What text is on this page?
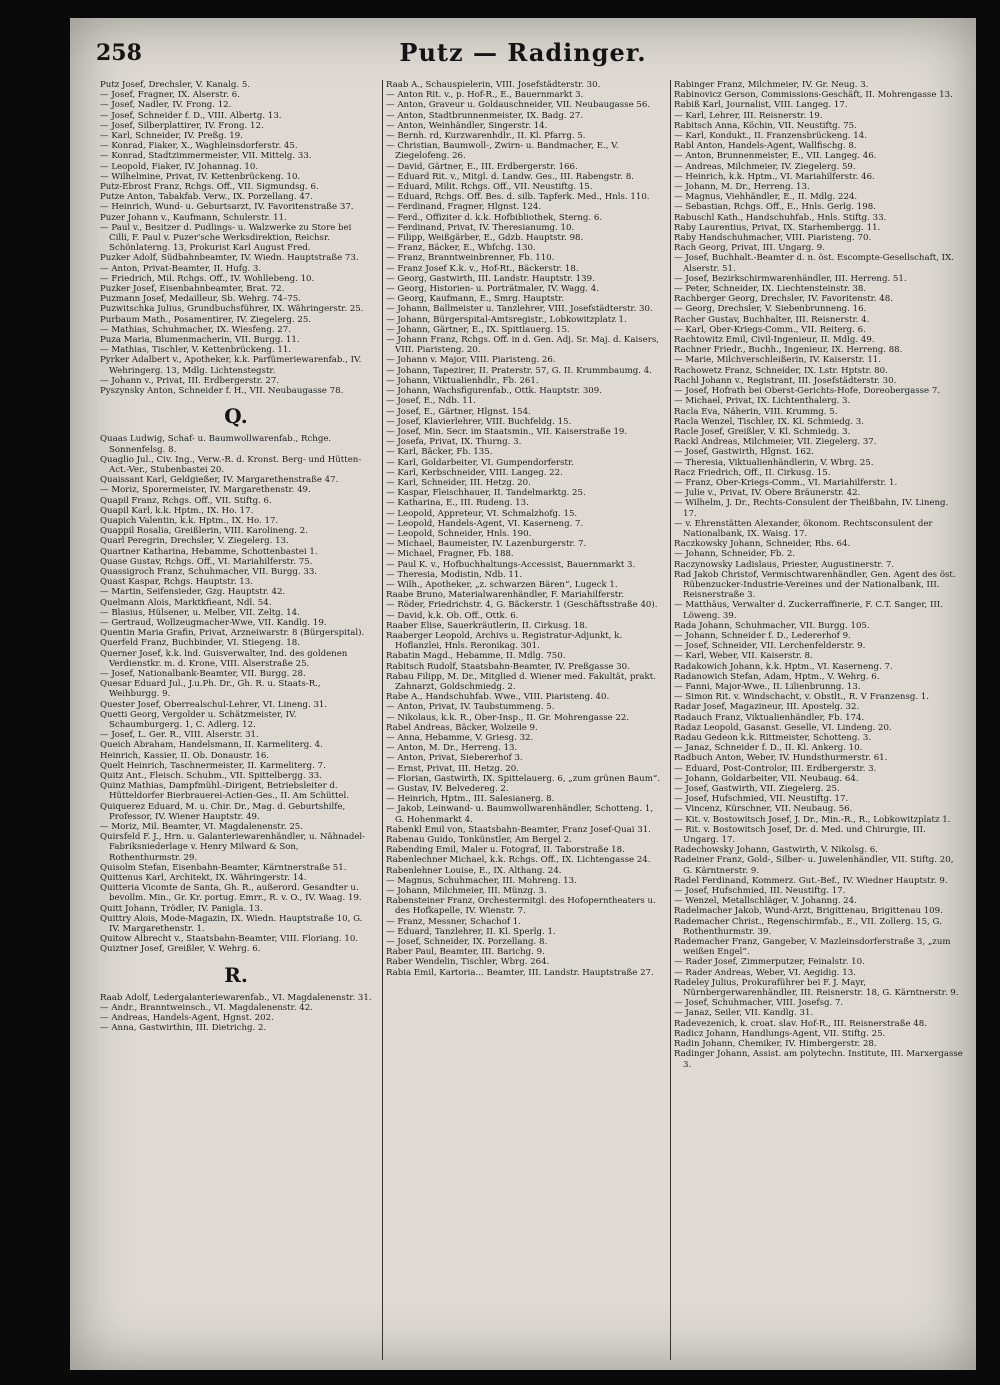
258	Putz — Radinger.

Putz Josef, Drechsler, V. Kanalg. 5.

— Josef, Fragner, IX. Alserstr. 6.

— Josef, Nadler, IV. Frong. 12.

— Josef, Schneider f. D., VIII. Albertg. 13.

— Josef, Silberplattirer, IV. Frong. 12.

— Karl, Schneider, IV. Preßg. 19.

— Konrad, Fiaker, X., Waghleinsdorferstr. 45.

— Konrad, Stadtzimmermeister, VII. Mittelg. 33.

— Leopold, Fiaker, IV. Johannag. 10.

— Wilhelmine, Privat, IV. Kettenbrückeng. 10.

Putz-Ebrost Franz, Rchgs. Off., VII. Sigmundsg. 6.

Putze Anton, Tabakfab. Verw., IX. Porzellang. 47.

— Heinrich, Wund- u. Geburtsarzt, IV. Favoritenstraße 37.

Puzer Johann v., Kaufmann, Schulerstr. 11.

— Paul v., Besitzer d. Pudlings- u. Walzwerke zu Store bei Cilli, F. Paul v. Puzer'sche Werksdirektion, Reichsr. Schönlaterng. 13, Prokurist Karl August Fred.

Puzker Adolf, Südbahnbeamter, IV. Wiedn. Hauptstraße 73.

— Anton, Privat-Beamter, II. Hufg. 3.

— Friedrich, Mil. Rchgs. Off., IV. Wohllebeng. 10.

Puzker Josef, Eisenbahnbeamter, Brat. 72.

Puzmann Josef, Medailleur, Sb. Wehrg. 74–75.

Puzwitschka Julius, Grundbuchsführer, IX. Währingerstr. 25.

Purbaum Math., Posamentirer, IV. Ziegelerg. 25.

— Mathias, Schuhmacher, IX. Wiesfeng. 27.

Puza Maria, Blumenmacherin, VII. Burgg. 11.

— Mathias, Tischler, V. Kettenbrückeng. 11.

Pyrker Adalbert v., Apotheker, k.k. Parfümeriewarenfab., IV. Wehringerg. 13, Mdlg. Lichtenstegstr.

— Johann v., Privat, III. Erdbergerstr. 27.

Pyszynsky Anton, Schneider f. H., VII. Neubaugasse 78.

Q.

Quaas Ludwig, Schaf- u. Baumwollwarenfab., Rchge. Sonnenfelsg. 8.

Quaglio Jul., Civ. Ing., Verw.-R. d. Kronst. Berg- und Hütten-Act.-Ver., Stubenbastei 20.

Quaissant Karl, Geldgießer, IV. Margarethenstraße 47.

— Moriz, Sporermeister, IV. Margarethenstr. 49.

Quapil Franz, Rchgs. Off., VII. Stiftg. 6.

Quapil Karl, k.k. Hptm., IX. Ho. 17.

Quapich Valentin, k.k. Hptm., IX. Ho. 17.

Quappil Rosalia, Greißlerin, VIII. Karolineng. 2.

Quarl Peregrin, Drechsler, V. Ziegelerg. 13.

Quartner Katharina, Hebamme, Schottenbastei 1.

Quase Gustav, Rchgs. Off., VI. Mariahilferstr. 75.

Quassigroch Franz, Schuhmacher, VII. Burgg. 33.

Quast Kaspar, Rchgs. Hauptstr. 13.

— Martin, Seifensieder, Gzg. Hauptstr. 42.

Quelmann Alois, Marktkfieant, Ndl. 54.

— Blasius, Hülsener, u. Melber, VII. Zeltg. 14.

— Gertraud, Wollzeugmacher-Wwe, VII. Kandlg. 19.

Quentin Maria Grafin, Privat, Arzneiwarstr. 8 (Bürgerspital).

Querfeld Franz, Buchbinder, VI. Stiegeng. 18.

Querner Josef, k.k. lnd. Guisverwalter, Ind. des goldenen Verdienstkr. m. d. Krone, VIII. Alserstraße 25.

— Josef, Nationalbank-Beamter, VII. Burgg. 28.

Quesar Eduard Jul., J.u.Ph. Dr., Gh. R. u. Staats-R., Weihburgg. 9.

Quester Josef, Oberrealschul-Lehrer, VI. Lineng. 31.

Quetti Georg, Vergolder u. Schätzmeister, IV. Schaumburgerg. 1, C. Adlerg. 12.

— Josef, L. Ger. R., VIII. Alserstr. 31.

Queich Abraham, Handelsmann, II. Karmeliterg. 4.

Heinrich, Kassier, II. Ob. Donaustr. 16.

Quelt Heinrich, Taschnermeister, II. Karmeliterg. 7.

Quitz Ant., Fleisch. Schubm., VII. Spittelbergg. 33.

Quinz Mathias, Dampfmühl.-Dirigent, Betriebsleiter d. Hütteldorfer Bierbrauerei-Actien-Ges., II. Am Schüttel.

Quiquerez Eduard, M. u. Chir. Dr., Mag. d. Geburtshilfe, Professor, IV. Wiener Hauptstr. 49.

— Moriz, Mil. Beamter, VI. Magdalenenstr. 25.

Quirsfeld F. J., Hrn. u. Galanteriewarenhändler, u. Nähnadel-Fabriksniederlage v. Henry Milward & Son, Rothenthurmstr. 29.

Quisolm Stefan, Eisenbahn-Beamter, Kärntnerstraße 51.

Quittenus Karl, Architekt, IX. Währingerstr. 14.

Quitteria Vicomte de Santa, Gh. R., außerord. Gesandter u. bevollm. Min., Gr. Kr. portug. Emrr., R. v. O., IV. Waag. 19.

Quitt Johann, Trödler, IV. Panigla. 13.

Quittry Alois, Mode-Magazin, IX. Wiedn. Hauptstraße 10, G. IV. Margarethenstr. 1.

Quitow Albrecht v., Staatsbahn-Beamter, VIII. Floriang. 10.

Quiztner Josef, Greißler, V. Wehrg. 6.

R.

Raab Adolf, Ledergalanteriewarenfab., VI. Magdalenenstr. 31.

— Andr., Branntweinsch., VI. Magdalenenstr. 42.

— Andreas, Handels-Agent, Hgnst. 202.

— Anna, Gastwirthin, III. Dietrichg. 2.

Raab A., Schauspielerin, VIII. Josefstädterstr. 30.

— Anton Rit. v., p. Hof-R., E., Bauernmarkt 3.

— Anton, Graveur u. Goldauschneider, VII. Neubaugasse 56.

— Anton, Stadtbrunnenmeister, IX. Badg. 27.

— Anton, Weinhändler, Singerstr. 14.

— Bernh. rd, Kurzwarenhdlr., II. Kl. Pfarrg. 5.

— Christian, Baumwoll-, Zwirn- u. Bandmacher, E., V. Ziegelofeng. 26.

— David, Gärtner, E., III. Erdbergerstr. 166.

— Eduard Rit. v., Mitgl. d. Landw. Ges., III. Rabengstr. 8.

— Eduard, Milit. Rchgs. Off., VII. Neustiftg. 15.

— Eduard, Rchgs. Off. Bes. d. silb. Tapferk. Med., Hnls. 110.

— Ferdinand, Fragner, Hlgnst. 124.

— Ferd., Offiziter d. k.k. Hofbibliothek, Sterng. 6.

— Ferdinand, Privat, IV. Theresianumg. 10.

— Filipp, Weißgärber, E., Gdzb. Hauptstr. 98.

— Franz, Bäcker, E., Wbfchg. 130.

— Franz, Branntweinbrenner, Fb. 110.

— Franz Josef K.k. v., Hof-Rt., Bäckerstr. 18.

— Georg, Gastwirth, III. Landstr. Hauptstr. 139.

— Georg, Historien- u. Porträtmaler, IV. Wagg. 4.

— Georg, Kaufmann, E., Smrg. Hauptstr.

— Johann, Ballmeister u. Tanzlehrer, VIII. Josefstädterstr. 30.

— Johann, Bürgerspital-Amtsregistr., Lobkowitzplatz 1.

— Johann, Gärtner, E., IX. Spittlauerg. 15.

— Johann Franz, Rchgs. Off. in d. Gen. Adj. Sr. Maj. d. Kaisers, VIII. Piaristeng. 20.

— Johann v. Major, VIII. Piaristeng. 26.

— Johann, Tapezirer, II. Praterstr. 57, G. II. Krummbaumg. 4.

— Johann, Viktualienhdlr., Fb. 261.

— Johann, Wachsfigurenfab., Ottk. Hauptstr. 309.

— Josef, E., Ndb. 11.

— Josef, E., Gärtner, Hlgnst. 154.

— Josef, Klavierlehrer, VIII. Buchfeldg. 15.

— Josef, Min. Secr. im Staatsmin., VII. Kaiserstraße 19.

— Josefa, Privat, IX. Thurng. 3.

— Karl, Bäcker, Fb. 135.

— Karl, Goldarbeiter, VI. Gumpendorferstr.

— Karl, Kerbschneider, VIII. Langeg. 22.

— Karl, Schneider, III. Hetzg. 20.

— Kaspar, Fleischhauer, II. Tandelmarktg. 25.

— Katharina, E., III. Rudeng. 13.

— Leopold, Appreteur, VI. Schmalzhofg. 15.

— Leopold, Handels-Agent, VI. Kaserneng. 7.

— Leopold, Schneider, Hnls. 190.

— Michael, Baumeister, IV. Lazenburgerstr. 7.

— Michael, Fragner, Fb. 188.

— Paul K. v., Hofbuchhaltungs-Accessist, Bauernmarkt 3.

— Theresia, Modistin, Ndb. 11.

— Wilh., Apotheker, „z. schwarzen Bären“, Lugeck 1.

Raabe Bruno, Materialwarenhändler, F. Mariahilferstr.

— Röder, Friedrichstr. 4, G. Bäckerstr. 1 (Geschäftsstraße 40).

— David, k.k. Ob. Off., Ottk. 6.

Raaber Elise, Sauerkräutlerin, II. Cirkusg. 18.

Raaberger Leopold, Archivs u. Registratur-Adjunkt, k. Hoflanzlei, Hnls. Reronikag. 301.

Rabatin Magd., Hebamme, II. Mdlg. 750.

Rabitsch Rudolf, Staatsbahn-Beamter, IV. Preßgasse 30.

Rabau Filipp, M. Dr., Mitglied d. Wiener med. Fakultät, prakt. Zahnarzt, Goldschmiedg. 2.

Rabe A., Handschuhfab. Wwe., VIII. Piaristeng. 40.

— Anton, Privat, IV. Taubstummeng. 5.

— Nikolaus, k.k. R., Ober-Insp., II. Gr. Mohrengasse 22.

Rabel Andreas, Bäcker, Wolzeile 9.

— Anna, Hebamme, V. Griesg. 32.

— Anton, M. Dr., Herreng. 13.

— Anton, Privat, Siebererhof 3.

— Ernst, Privat, III. Hetzg. 20.

— Florian, Gastwirth, IX. Spittelauerg. 6, „zum grünen Baum“.

— Gustav, IV. Belvedereg. 2.

— Heinrich, Hptm., III. Salesianerg. 8.

— Jakob, Leinwand- u. Baumwollwarenhändler, Schotteng. 1, G. Hohenmarkt 4.

Rabenkl Emil von, Staatsbahn-Beamter, Franz Josef-Quai 31.

Rabenau Guido, Tonkünstler, Am Bergel 2.

Rabending Emil, Maler u. Fotograf, II. Taborstraße 18.

Rabenlechner Michael, k.k. Rchgs. Off., IX. Lichtengasse 24.

Rabenlehner Louise, E., IX. Althang. 24.

— Magnus, Schuhmacher, III. Mohreng. 13.

— Johann, Milchmeier, III. Münzg. 3.

Rabensteiner Franz, Orchestermitgl. des Hofoperntheaters u. des Hofkapelle, IV. Wienstr. 7.

— Franz, Messner, Schachof 1.

— Eduard, Tanzlehrer, II. Kl. Sperlg. 1.

— Josef, Schneider, IX. Porzellang. 8.

Raber Paul, Beamter, III. Barichg. 9.

Raber Wendelin, Tischler, Wbrg. 264.

Rabia Emil, Kartoria... Beamter, III. Landstr. Hauptstraße 27.

Rabinger Franz, Milchmeier, IV. Gr. Neug. 3.

Rabinovicz Gerson, Commissions-Geschäft, II. Mohrengasse 13.

Rabiß Karl, Journalist, VIII. Langeg. 17.

— Karl, Lehrer, III. Reisnerstr. 19.

Rabitsch Anna, Köchin, VII. Neustiftg. 75.

— Karl, Kondukt., II. Franzensbrückeng. 14.

Rabl Anton, Handels-Agent, Wallfischg. 8.

— Anton, Brunnenmeister, E., VII. Langeg. 46.

— Andreas, Milchmeier, IV. Ziegelerg. 59.

— Heinrich, k.k. Hptm., VI. Mariahilferstr. 46.

— Johann, M. Dr., Herreng. 13.

— Magnus, Viehhändler, E., II. Mdlg. 224.

— Sebastian, Rchgs. Off., E., Hnls. Gerlg. 198.

Rabuschl Kath., Handschuhfab., Hnls. Stiftg. 33.

Raby Laurentius, Privat, IX. Starhembergg. 11.

Raby Handschuhmacher, VIII. Piaristeng. 70.

Rach Georg, Privat, III. Ungarg. 9.

— Josef, Buchhalt.-Beamter d. n. öst. Escompte-Gesellschaft, IX. Alserstr. 51.

— Josef, Bezirkschirmwarenhändler, III. Herreng. 51.

— Peter, Schneider, IX. Liechtensteinstr. 38.

Rachberger Georg, Drechsler, IV. Favoritenstr. 48.

— Georg, Drechsler, V. Siebenbrunneng. 16.

Racher Gustav, Buchhalter, III. Reisnerstr. 4.

— Karl, Ober-Kriegs-Comm., VII. Reiterg. 6.

Rachtowitz Emil, Civil-Ingenieur, II. Mdlg. 49.

Rachner Friedr., Buchh., Ingenieur, IX. Herreng. 88.

— Marie, Milchverschleißerin, IV. Kaiserstr. 11.

Rachowetz Franz, Schneider, IX. Lstr. Hptstr. 80.

Rachl Johann v., Registrant, III. Josefstädterstr. 30.

— Josef, Hofrath bei Oberst-Gerichts-Hofe, Doreobergasse 7.

— Michael, Privat, IX. Lichtenthalerg. 3.

Racla Eva, Näherin, VIII. Krummg. 5.

Racla Wenzel, Tischler, IX. Kl. Schmiedg. 3.

Racle Josef, Greißler, V. Kl. Schmiedg. 3.

Rackl Andreas, Milchmeier, VII. Ziegelerg. 37.

— Josef, Gastwirth, Hlgnst. 162.

— Theresia, Viktualienhändlerin, V. Wbrg. 25.

Racz Friedrich, Off., II. Cirkusg. 15.

— Franz, Ober-Kriegs-Comm., VI. Mariahilferstr. 1.

— Julie v., Privat, IV. Obere Bräunerstr. 42.

— Wilhelm, J. Dr., Rechts-Consulent der Theißbahn, IV. Lineng. 17.

— v. Ehrenstätten Alexander, ökonom. Rechtsconsulent der Nationalbank, IX. Waisg. 17.

Raczkowsky Johann, Schneider, Rbs. 64.

— Johann, Schneider, Fb. 2.

Raczynowsky Ladislaus, Priester, Augustinerstr. 7.

Rad Jakob Christof, Vermischtwarenhändler, Gen. Agent des öst. Rübenzucker-Industrie-Vereines und der Nationalbank, III. Reisnerstraße 3.

— Matthäus, Verwalter d. Zuckerraffinerie, F. C.T. Sanger, III. Löweng. 39.

Rada Johann, Schuhmacher, VII. Burgg. 105.

— Johann, Schneider f. D., Ledererhof 9.

— Josef, Schneider, VII. Lerchenfelderstr. 9.

— Karl, Weber, VII. Kaiserstr. 8.

Radakowich Johann, k.k. Hptm., VI. Kaserneng. 7.

Radanowich Stefan, Adam, Hptm., V. Wehrg. 6.

— Fanni, Major-Wwe., II. Lilienbrunng. 13.

— Simon Rit. v. Windschacht, v. Obstlt., R. V Franzensg. 1.

Radar Josef, Magazineur, III. Apostelg. 32.

Radauch Franz, Viktualienhändler, Fb. 174.

Radaz Leopold, Gasanst. Geselle, VI. Lindeng. 20.

Radau Gedeon k.k. Rittmeister, Schotteng. 3.

— Janaz, Schneider f. D., II. Kl. Ankerg. 10.

Radbuch Anton, Weber, IV. Hundsthurmerstr. 61.

— Eduard, Post-Controlor, III. Erdbergerstr. 3.

— Johann, Goldarbeiter, VII. Neubaug. 64.

— Josef, Gastwirth, VII. Ziegelerg. 25.

— Josef, Hufschmied, VII. Neustiftg. 17.

— Vincenz, Kürschner, VII. Neubaug. 56.

— Kit. v. Bostowitsch Josef, J. Dr., Min.-R., R., Lobkowitzplatz 1.

— Rit. v. Bostowitsch Josef, Dr. d. Med. und Chirurgie, III. Ungarg. 17.

Radechowsky Johann, Gastwirth, V. Nikolsg. 6.

Radeiner Franz, Gold-, Silber- u. Juwelenhändler, VII. Stiftg. 20, G. Kärntnerstr. 9.

Radel Ferdinand, Kommerz. Gut.-Bef., IV. Wiedner Hauptstr. 9.

— Josef, Hufschmied, III. Neustiftg. 17.

— Wenzel, Metallschläger, V. Johanng. 24.

Radelmacher Jakob, Wund-Arzt, Brigittenau, Brigittenau 109.

Rademacher Christ., Regenschirmfab., E., VII. Zollerg. 15, G. Rothenthurmstr. 39.

Rademacher Franz, Gangeber, V. Mazleinsdorferstraße 3, „zum weißen Engel“.

— Rader Josef, Zimmerputzer, Feinalstr. 10.

— Rader Andreas, Weber, VI. Aegidig. 13.

Radeley Julius, Prokuraführer bei F. J. Mayr, Nürnbergerwarenhändler, III. Reisnerstr. 18, G. Kärntnerstr. 9.

— Josef, Schuhmacher, VIII. Josefsg. 7.

— Janaz, Seiler, VII. Kandlg. 31.

Radevezenich, k. croat. slav. Hof-R., III. Reisnerstraße 48.

Radicz Johann, Handlungs-Agent, VII. Stiftg. 25.

Radin Johann, Chemiker, IV. Himbergerstr. 28.

Radinger Johann, Assist. am polytechn. Institute, III. Marxergasse 3.
